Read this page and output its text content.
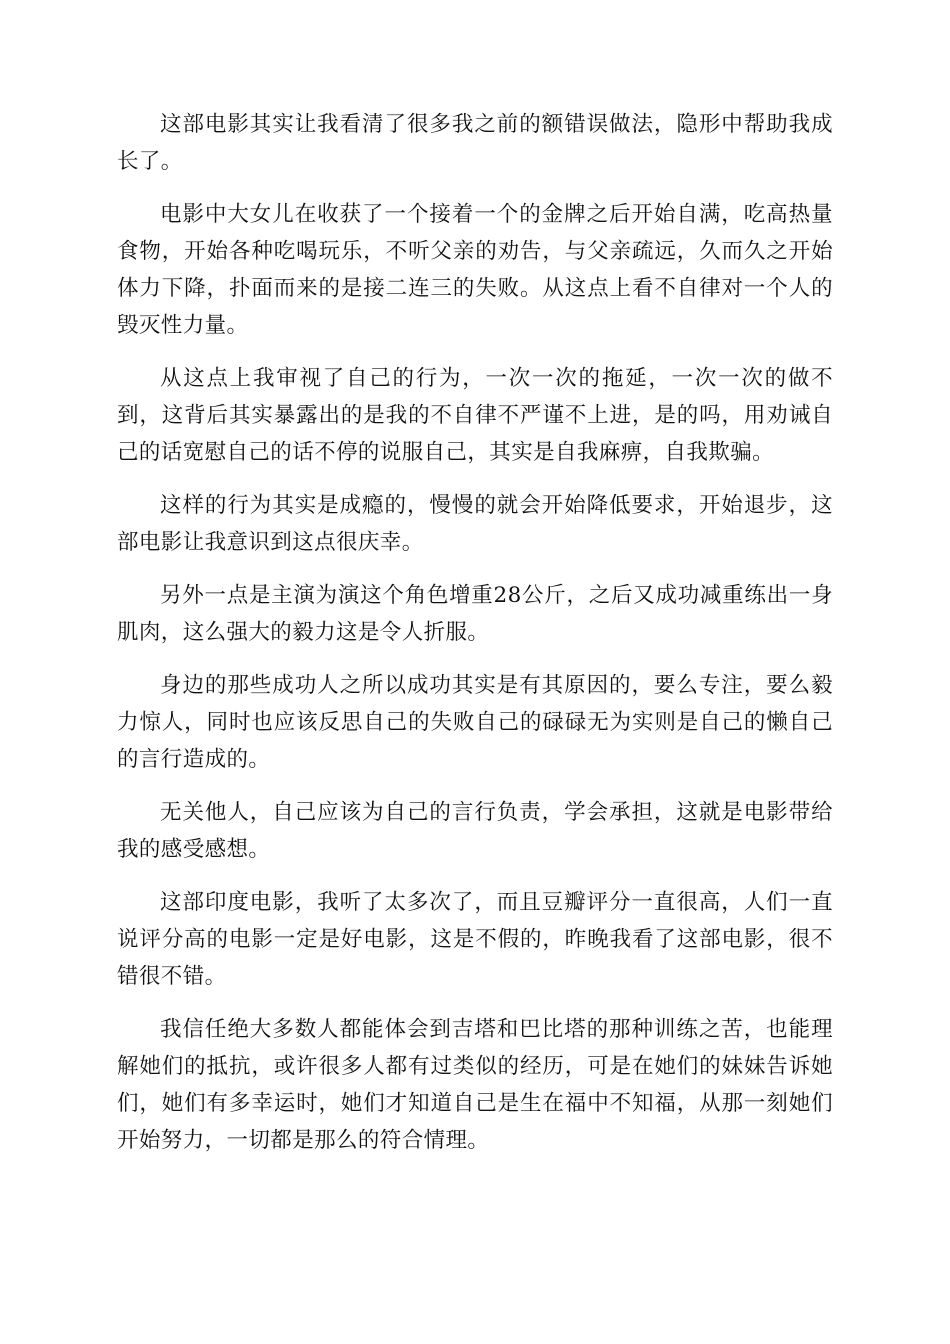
这部电影其实让我看清了很多我之前的额错误做法，隐形中帮助我成长了。

电影中大女儿在收获了一个接着一个的金牌之后开始自满，吃高热量食物，开始各种吃喝玩乐，不听父亲的劝告，与父亲疏远，久而久之开始体力下降，扑面而来的是接二连三的失败。从这点上看不自律对一个人的毁灭性力量。

从这点上我审视了自己的行为，一次一次的拖延，一次一次的做不到，这背后其实暴露出的是我的不自律不严谨不上进，是的吗，用劝诫自己的话宽慰自己的话不停的说服自己，其实是自我麻痹，自我欺骗。

这样的行为其实是成瘾的，慢慢的就会开始降低要求，开始退步，这部电影让我意识到这点很庆幸。

另外一点是主演为演这个角色增重28公斤，之后又成功减重练出一身肌肉，这么强大的毅力这是令人折服。

身边的那些成功人之所以成功其实是有其原因的，要么专注，要么毅力惊人，同时也应该反思自己的失败自己的碌碌无为实则是自己的懒自己的言行造成的。

无关他人，自己应该为自己的言行负责，学会承担，这就是电影带给我的感受感想。

这部印度电影，我听了太多次了，而且豆瓣评分一直很高，人们一直说评分高的电影一定是好电影，这是不假的，昨晚我看了这部电影，很不错很不错。

我信任绝大多数人都能体会到吉塔和巴比塔的那种训练之苦，也能理解她们的抵抗，或许很多人都有过类似的经历，可是在她们的妹妹告诉她们，她们有多幸运时，她们才知道自己是生在福中不知福，从那一刻她们开始努力，一切都是那么的符合情理。
